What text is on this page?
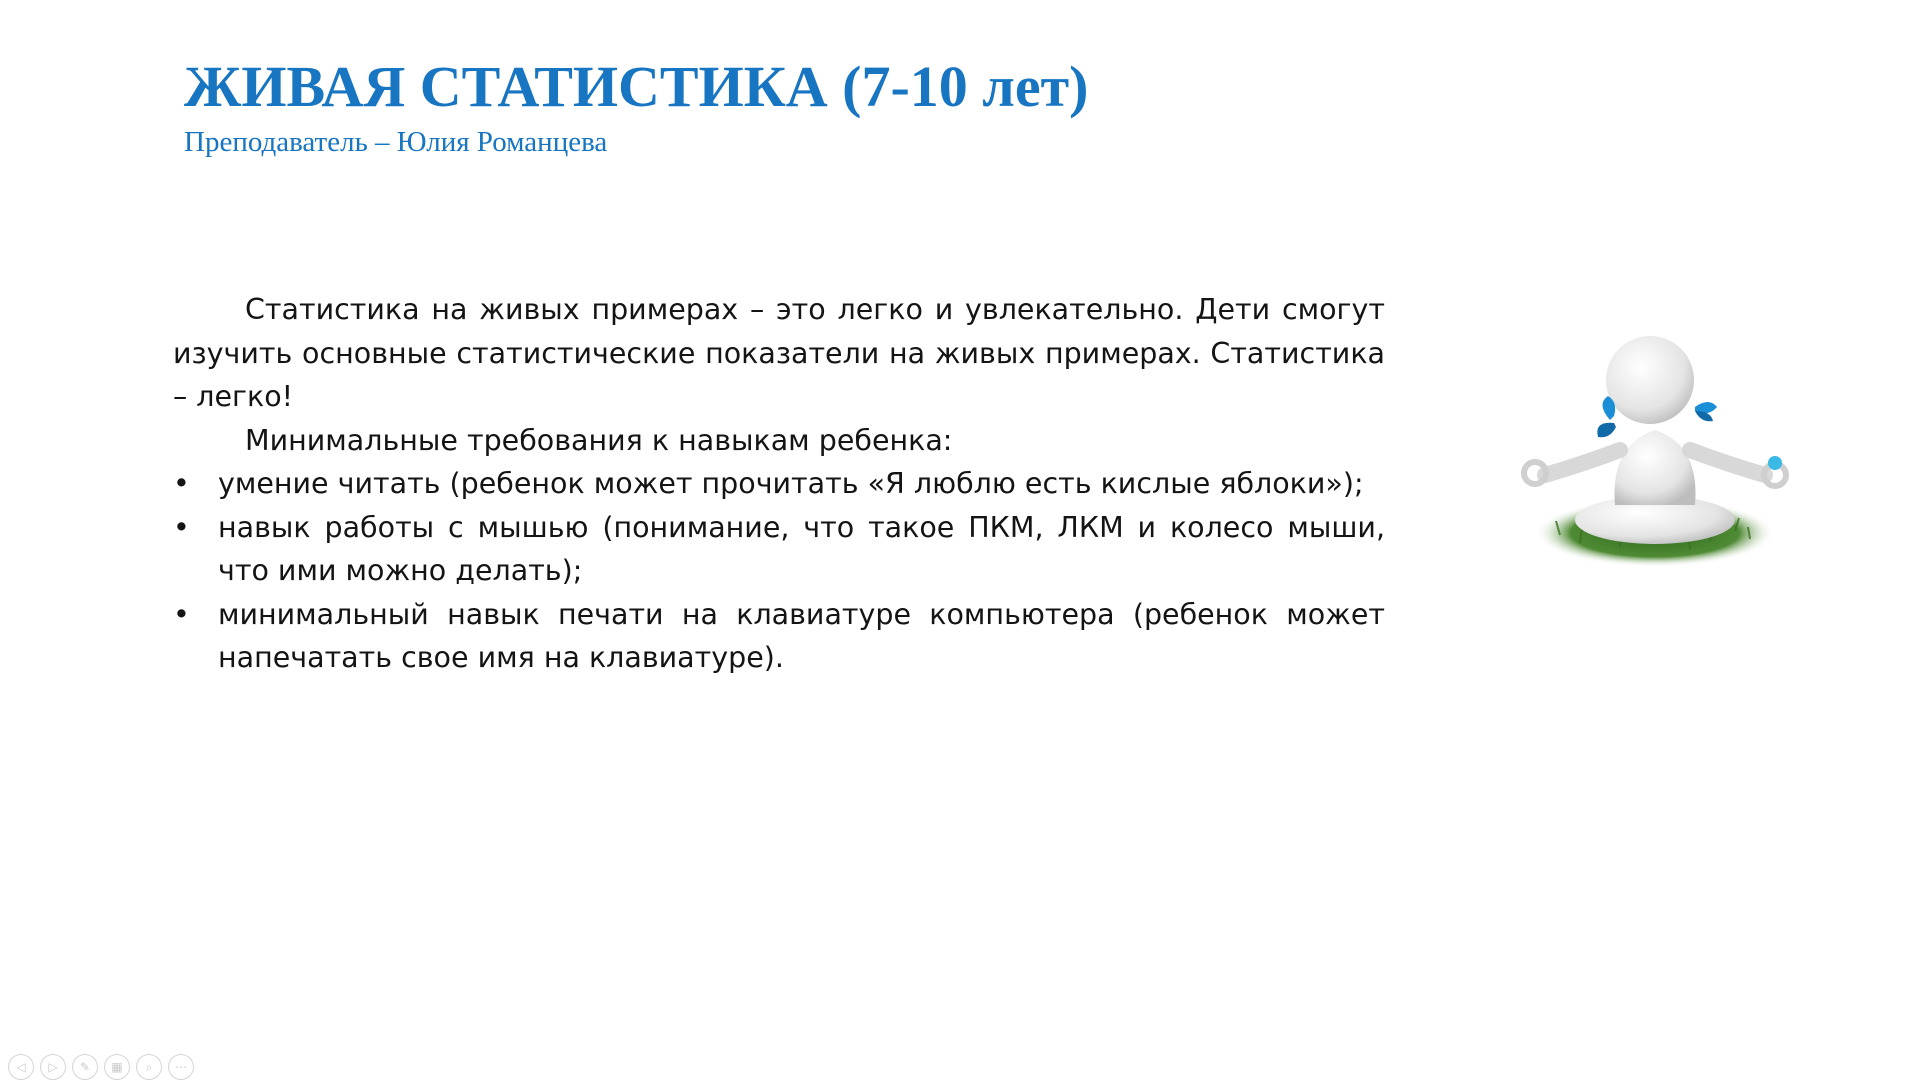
ЖИВАЯ СТАТИСТИКА (7-10 лет)
Преподаватель – Юлия Романцева

Статистика на живых примерах – это легко и увлекательно. Дети смогут изучить основные статистические показатели на живых примерах. Статистика – легко!

Минимальные требования к навыкам ребенка:

• умение читать (ребенок может прочитать «Я люблю есть кислые яблоки»);
• навык работы с мышью (понимание, что такое ПКМ, ЛКМ и колесо мыши, что ими можно делать);
• минимальный навык печати на клавиатуре компьютера (ребенок может напечатать свое имя на клавиатуре).
◁	▷	✎	▦	⌕	⋯
